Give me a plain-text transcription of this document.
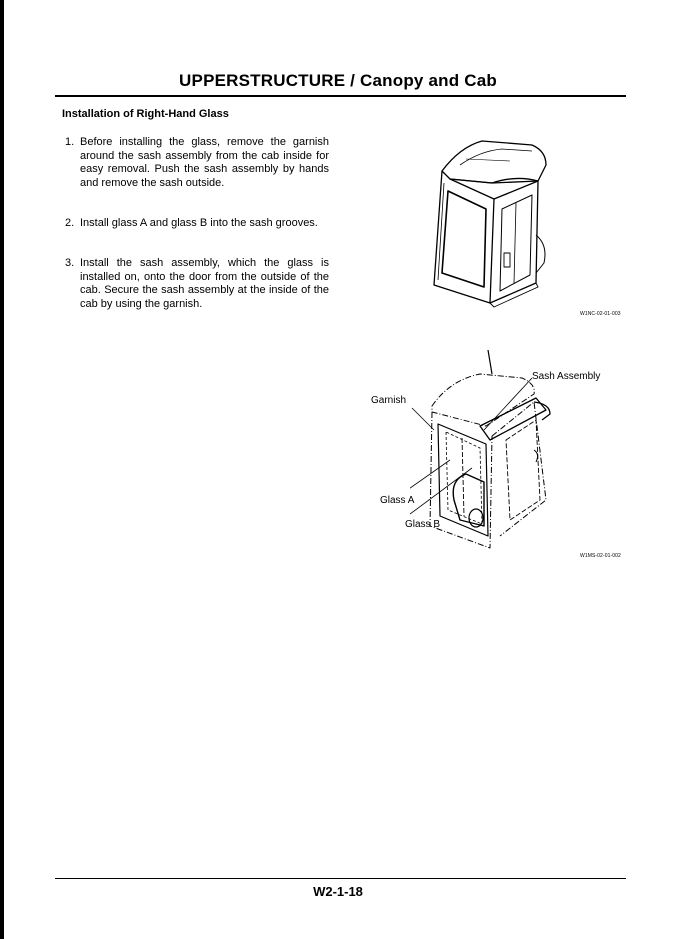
UPPERSTRUCTURE / Canopy and Cab
Installation of Right-Hand Glass
1. Before installing the glass, remove the garnish around the sash assembly from the cab inside for easy removal. Push the sash assembly by hands and remove the sash outside.
2. Install glass A and glass B into the sash grooves.
3. Install the sash assembly, which the glass is installed on, onto the door from the outside of the cab. Secure the sash assembly at the inside of the cab by using the garnish.
W1NC-02-01-003
Sash Assembly
Garnish
Glass A
Glass B
W1MS-02-01-002
W2-1-18
